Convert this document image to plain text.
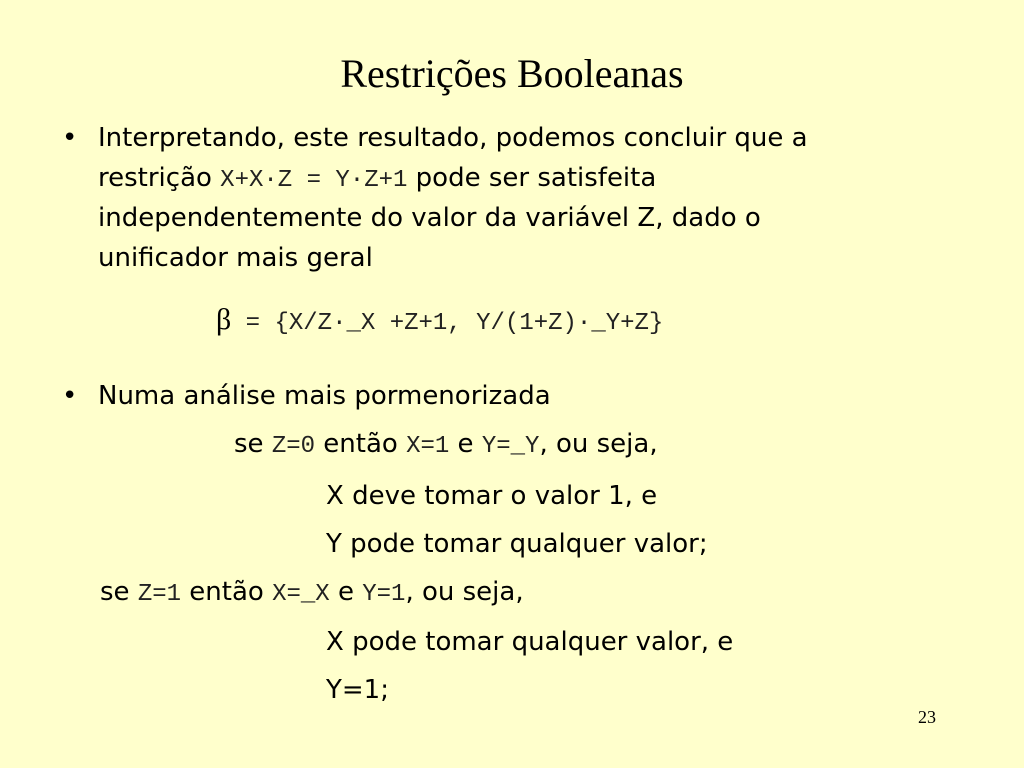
Restrições Booleanas
• Interpretando, este resultado, podemos concluir que a
restrição X+X·Z = Y·Z+1 pode ser satisfeita
independentemente do valor da variável Z, dado o
unificador mais geral
β = {X/Z·_X +Z+1, Y/(1+Z)·_Y+Z}
• Numa análise mais pormenorizada
se Z=0 então X=1 e Y=_Y, ou seja,
X deve tomar o valor 1, e
Y pode tomar qualquer valor;
se Z=1 então X=_X e Y=1, ou seja,
X pode tomar qualquer valor, e
Y=1;
23
